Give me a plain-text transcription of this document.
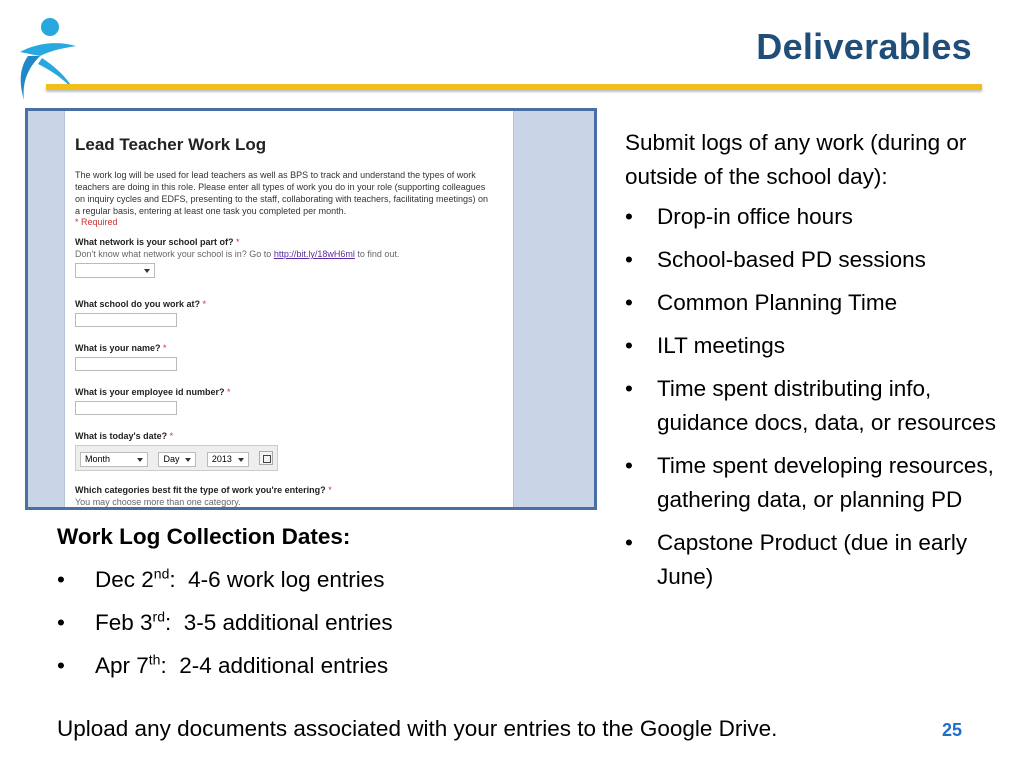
Deliverables
Lead Teacher Work Log
The work log will be used for lead teachers as well as BPS to track and understand the types of work teachers are doing in this role. Please enter all types of work you do in your role (supporting colleagues on inquiry cycles and EDFS, presenting to the staff, collaborating with teachers, facilitating meetings) on a regular basis, entering at least one task you completed per month.
* Required
What network is your school part of? *
Don't know what network your school is in? Go to http://bit.ly/18wH6ml to find out.
What school do you work at? *
What is your name? *
What is your employee id number? *
What is today's date? *
Month	Day	2013

Which categories best fit the type of work you're entering? *
You may choose more than one category.
Submit logs of any work (during or outside of the school day):
• Drop-in office hours
• School-based PD sessions
• Common Planning Time
• ILT meetings
• Time spent distributing info, guidance docs, data, or resources
• Time spent developing resources, gathering data, or planning PD
• Capstone Product (due in early June)
Work Log Collection Dates:
• Dec 2nd:  4-6 work log entries
• Feb 3rd:  3-5 additional entries
• Apr 7th:  2-4 additional entries
Upload any documents associated with your entries to the Google Drive.	25
